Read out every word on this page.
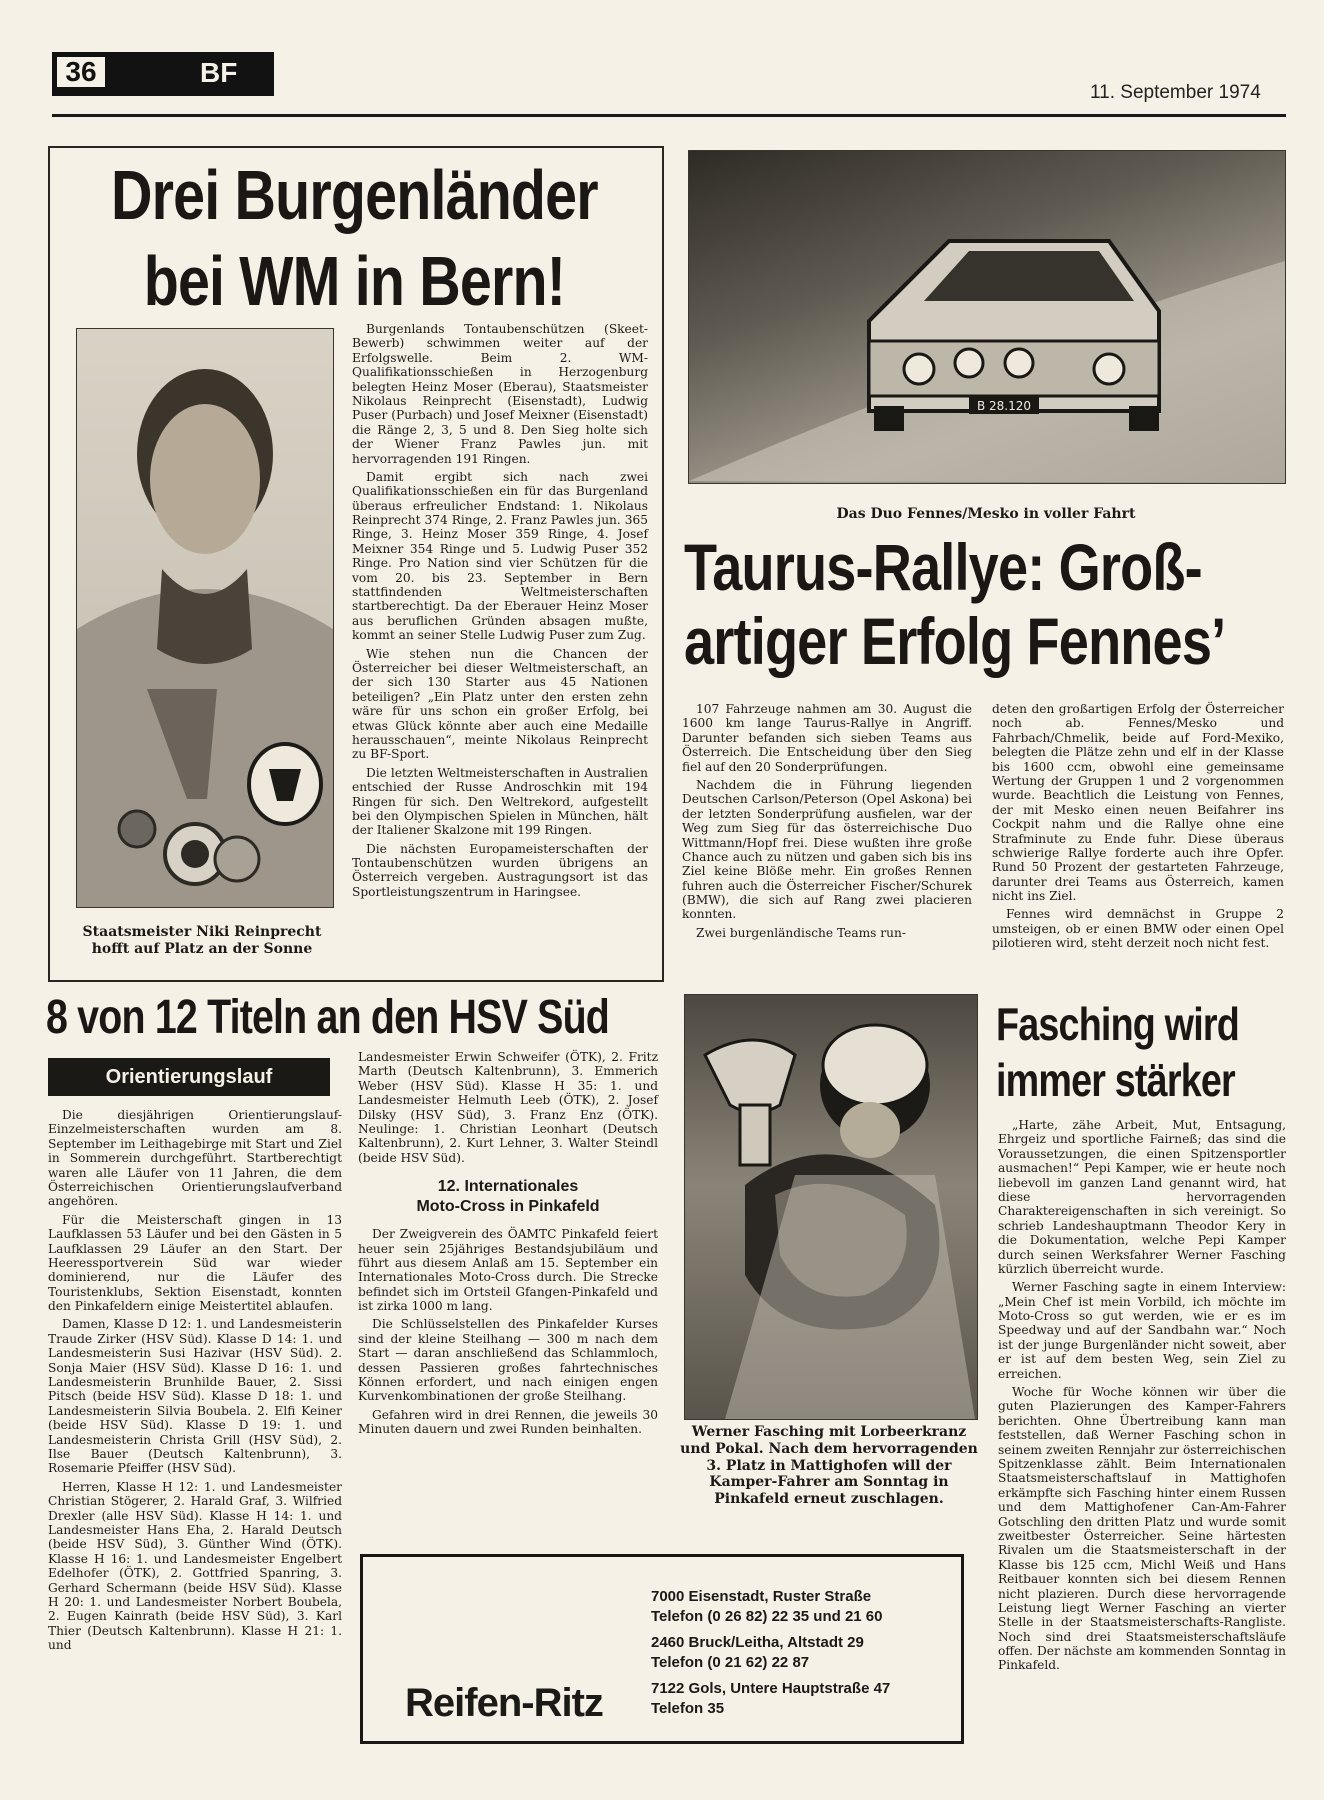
36	BF
11. September 1974
Drei Burgenländer
bei WM in Bern!
Staatsmeister Niki Reinprecht hofft auf Platz an der Sonne

Burgenlands Tontaubenschützen (Skeet-Bewerb) schwimmen weiter auf der Erfolgswelle. Beim 2. WM-Qualifikationsschießen in Herzogenburg belegten Heinz Moser (Eberau), Staatsmeister Nikolaus Reinprecht (Eisenstadt), Ludwig Puser (Purbach) und Josef Meixner (Eisenstadt) die Ränge 2, 3, 5 und 8. Den Sieg holte sich der Wiener Franz Pawles jun. mit hervorragenden 191 Ringen.

Damit ergibt sich nach zwei Qualifikationsschießen ein für das Burgenland überaus erfreulicher Endstand: 1. Nikolaus Reinprecht 374 Ringe, 2. Franz Pawles jun. 365 Ringe, 3. Heinz Moser 359 Ringe, 4. Josef Meixner 354 Ringe und 5. Ludwig Puser 352 Ringe. Pro Nation sind vier Schützen für die vom 20. bis 23. September in Bern stattfindenden Weltmeisterschaften startberechtigt. Da der Eberauer Heinz Moser aus beruflichen Gründen absagen mußte, kommt an seiner Stelle Ludwig Puser zum Zug.

Wie stehen nun die Chancen der Österreicher bei dieser Weltmeisterschaft, an der sich 130 Starter aus 45 Nationen beteiligen? „Ein Platz unter den ersten zehn wäre für uns schon ein großer Erfolg, bei etwas Glück könnte aber auch eine Medaille herausschauen“, meinte Nikolaus Reinprecht zu BF-Sport.

Die letzten Weltmeisterschaften in Australien entschied der Russe Androschkin mit 194 Ringen für sich. Den Weltrekord, aufgestellt bei den Olympischen Spielen in München, hält der Italiener Skalzone mit 199 Ringen.

Die nächsten Europameisterschaften der Tontaubenschützen wurden übrigens an Österreich vergeben. Austragungsort ist das Sportleistungszentrum in Haringsee.

B 28.120
Das Duo Fennes/Mesko in voller Fahrt
Taurus-Rallye: Groß-
artiger Erfolg Fennes’

107 Fahrzeuge nahmen am 30. August die 1600 km lange Taurus-Rallye in Angriff. Darunter befanden sich sieben Teams aus Österreich. Die Entscheidung über den Sieg fiel auf den 20 Sonderprüfungen.

Nachdem die in Führung liegenden Deutschen Carlson/Peterson (Opel Askona) bei der letzten Sonderprüfung ausfielen, war der Weg zum Sieg für das österreichische Duo Wittmann/Hopf frei. Diese wußten ihre große Chance auch zu nützen und gaben sich bis ins Ziel keine Blöße mehr. Ein großes Rennen fuhren auch die Österreicher Fischer/Schurek (BMW), die sich auf Rang zwei placieren konnten.

Zwei burgenländische Teams run-

deten den großartigen Erfolg der Österreicher noch ab. Fennes/Mesko und Fahrbach/Chmelik, beide auf Ford-Mexiko, belegten die Plätze zehn und elf in der Klasse bis 1600 ccm, obwohl eine gemeinsame Wertung der Gruppen 1 und 2 vorgenommen wurde. Beachtlich die Leistung von Fennes, der mit Mesko einen neuen Beifahrer ins Cockpit nahm und die Rallye ohne eine Strafminute zu Ende fuhr. Diese überaus schwierige Rallye forderte auch ihre Opfer. Rund 50 Prozent der gestarteten Fahrzeuge, darunter drei Teams aus Österreich, kamen nicht ins Ziel.

Fennes wird demnächst in Gruppe 2 umsteigen, ob er einen BMW oder einen Opel pilotieren wird, steht derzeit noch nicht fest.

8 von 12 Titeln an den HSV Süd
Orientierungslauf

Die diesjährigen Orientierungslauf-Einzelmeisterschaften wurden am 8. September im Leithagebirge mit Start und Ziel in Sommerein durchgeführt. Startberechtigt waren alle Läufer von 11 Jahren, die dem Österreichischen Orientierungslaufverband angehören.

Für die Meisterschaft gingen in 13 Laufklassen 53 Läufer und bei den Gästen in 5 Laufklassen 29 Läufer an den Start. Der Heeressportverein Süd war wieder dominierend, nur die Läufer des Touristenklubs, Sektion Eisenstadt, konnten den Pinkafeldern einige Meistertitel ablaufen.

Damen, Klasse D 12: 1. und Landesmeisterin Traude Zirker (HSV Süd). Klasse D 14: 1. und Landesmeisterin Susi Hazivar (HSV Süd). 2. Sonja Maier (HSV Süd). Klasse D 16: 1. und Landesmeisterin Brunhilde Bauer, 2. Sissi Pitsch (beide HSV Süd). Klasse D 18: 1. und Landesmeisterin Silvia Boubela. 2. Elfi Keiner (beide HSV Süd). Klasse D 19: 1. und Landesmeisterin Christa Grill (HSV Süd), 2. Ilse Bauer (Deutsch Kaltenbrunn), 3. Rosemarie Pfeiffer (HSV Süd).

Herren, Klasse H 12: 1. und Landesmeister Christian Stögerer, 2. Harald Graf, 3. Wilfried Drexler (alle HSV Süd). Klasse H 14: 1. und Landesmeister Hans Eha, 2. Harald Deutsch (beide HSV Süd), 3. Günther Wind (ÖTK). Klasse H 16: 1. und Landesmeister Engelbert Edelhofer (ÖTK), 2. Gottfried Spanring, 3. Gerhard Schermann (beide HSV Süd). Klasse H 20: 1. und Landesmeister Norbert Boubela, 2. Eugen Kainrath (beide HSV Süd), 3. Karl Thier (Deutsch Kaltenbrunn). Klasse H 21: 1. und

Landesmeister Erwin Schweifer (ÖTK), 2. Fritz Marth (Deutsch Kaltenbrunn), 3. Emmerich Weber (HSV Süd). Klasse H 35: 1. und Landesmeister Helmuth Leeb (ÖTK), 2. Josef Dilsky (HSV Süd), 3. Franz Enz (ÖTK). Neulinge: 1. Christian Leonhart (Deutsch Kaltenbrunn), 2. Kurt Lehner, 3. Walter Steindl (beide HSV Süd).

12. Internationales
Moto-Cross in Pinkafeld

Der Zweigverein des ÖAMTC Pinkafeld feiert heuer sein 25jähriges Bestandsjubiläum und führt aus diesem Anlaß am 15. September ein Internationales Moto-Cross durch. Die Strecke befindet sich im Ortsteil Gfangen-Pinkafeld und ist zirka 1000 m lang.

Die Schlüsselstellen des Pinkafelder Kurses sind der kleine Steilhang — 300 m nach dem Start — daran anschließend das Schlammloch, dessen Passieren großes fahrtechnisches Können erfordert, und nach einigen engen Kurvenkombinationen der große Steilhang.

Gefahren wird in drei Rennen, die jeweils 30 Minuten dauern und zwei Runden beinhalten.	Werner Fasching mit Lorbeerkranz und Pokal. Nach dem hervorragenden 3. Platz in Mattighofen will der Kamper-Fahrer am Sonntag in Pinkafeld erneut zuschlagen.
Fasching wird
immer stärker

„Harte, zähe Arbeit, Mut, Entsagung, Ehrgeiz und sportliche Fairneß; das sind die Voraussetzungen, die einen Spitzensportler ausmachen!“ Pepi Kamper, wie er heute noch liebevoll im ganzen Land genannt wird, hat diese hervorragenden Charaktereigenschaften in sich vereinigt. So schrieb Landeshauptmann Theodor Kery in die Dokumentation, welche Pepi Kamper durch seinen Werksfahrer Werner Fasching kürzlich überreicht wurde.

Werner Fasching sagte in einem Interview: „Mein Chef ist mein Vorbild, ich möchte im Moto-Cross so gut werden, wie er es im Speedway und auf der Sandbahn war.“ Noch ist der junge Burgenländer nicht soweit, aber er ist auf dem besten Weg, sein Ziel zu erreichen.

Woche für Woche können wir über die guten Plazierungen des Kamper-Fahrers berichten. Ohne Übertreibung kann man feststellen, daß Werner Fasching schon in seinem zweiten Rennjahr zur österreichischen Spitzenklasse zählt. Beim Internationalen Staatsmeisterschaftslauf in Mattighofen erkämpfte sich Fasching hinter einem Russen und dem Mattighofener Can-Am-Fahrer Gotschling den dritten Platz und wurde somit zweitbester Österreicher. Seine härtesten Rivalen um die Staatsmeisterschaft in der Klasse bis 125 ccm, Michl Weiß und Hans Reitbauer konnten sich bei diesem Rennen nicht plazieren. Durch diese hervorragende Leistung liegt Werner Fasching an vierter Stelle in der Staatsmeisterschafts-Rangliste. Noch sind drei Staatsmeisterschaftsläufe offen. Der nächste am kommenden Sonntag in Pinkafeld.

Reifen-Ritz
7000 Eisenstadt, Ruster Straße
Telefon (0 26 82) 22 35 und 21 60
2460 Bruck/Leitha, Altstadt 29
Telefon (0 21 62) 22 87
7122 Gols, Untere Hauptstraße 47
Telefon 35
